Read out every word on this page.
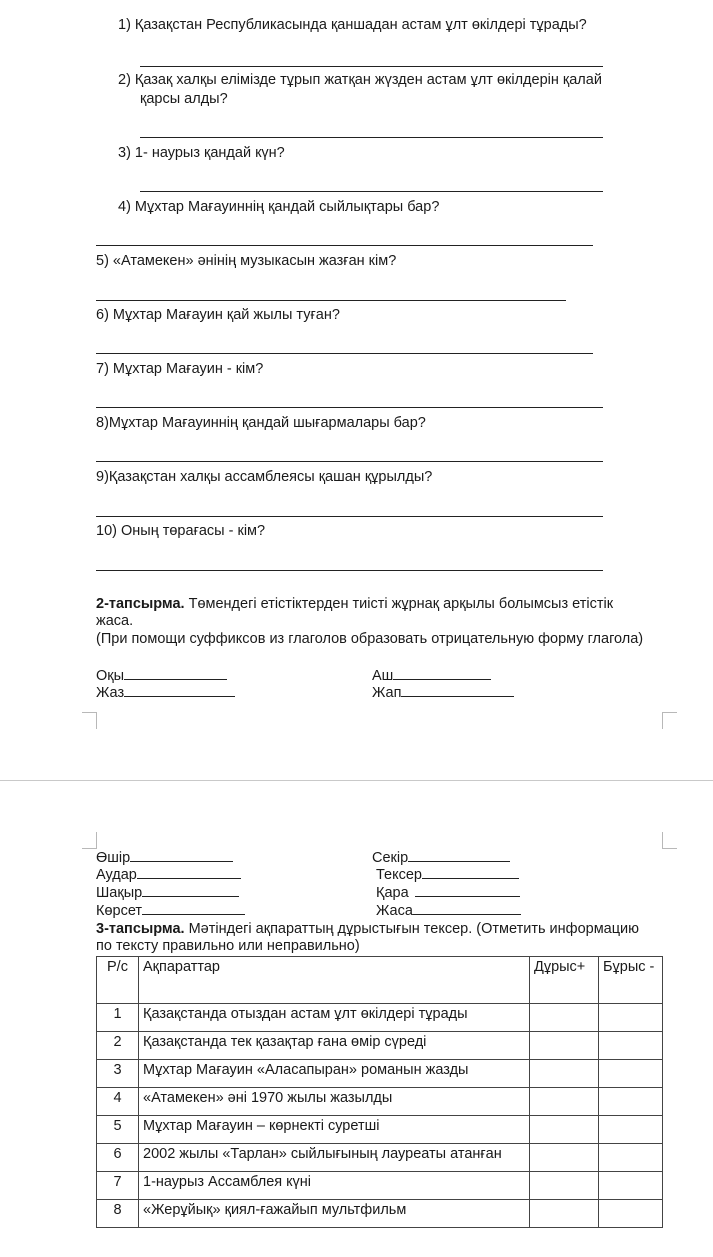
1) Қазақстан Республикасында қаншадан астам ұлт өкілдері тұрады?
2) Қазақ халқы елімізде тұрып жатқан жүзден астам ұлт өкілдерін қалай
қарсы алды?
3) 1- наурыз қандай күн?
4) Мұхтар Мағауиннің қандай сыйлықтары бар?
5) «Атамекен» әнінің музыкасын жазған кім?
6) Мұхтар Мағауин қай жылы туған?
7) Мұхтар Мағауин - кім?
8)Мұхтар Мағауиннің қандай шығармалары бар?
9)Қазақстан халқы ассамблеясы қашан құрылды?
10) Оның төрағасы - кім?
2-тапсырма. Төмендегі етістіктерден тиісті жұрнақ арқылы болымсыз етістік
жаса.
(При помощи суффиксов из глаголов образовать отрицательную форму глагола)
Оқы	Аш
Жаз	Жап
Өшір	Секір
Аудар	Тексер
Шақыр	Қара
Көрсет	Жаса
3-тапсырма. Мәтіндегі ақпараттың дұрыстығын тексер. (Отметить информацию
по тексту правильно или неправильно)
Р/с	Ақпараттар	Дұрыс+	Бұрыс -
1	Қазақстанда отыздан астам ұлт өкілдері тұрады		
2	Қазақстанда тек қазақтар ғана өмір сүреді		
3	Мұхтар Мағауин «Аласапыран» романын жазды		
4	«Атамекен» әні 1970 жылы жазылды		
5	Мұхтар Мағауин – көрнекті суретші		
6	2002 жылы «Тарлан» сыйлығының лауреаты атанған		
7	1-наурыз Ассамблея күні		
8	«Жерұйық» қиял-ғажайып мультфильм		
